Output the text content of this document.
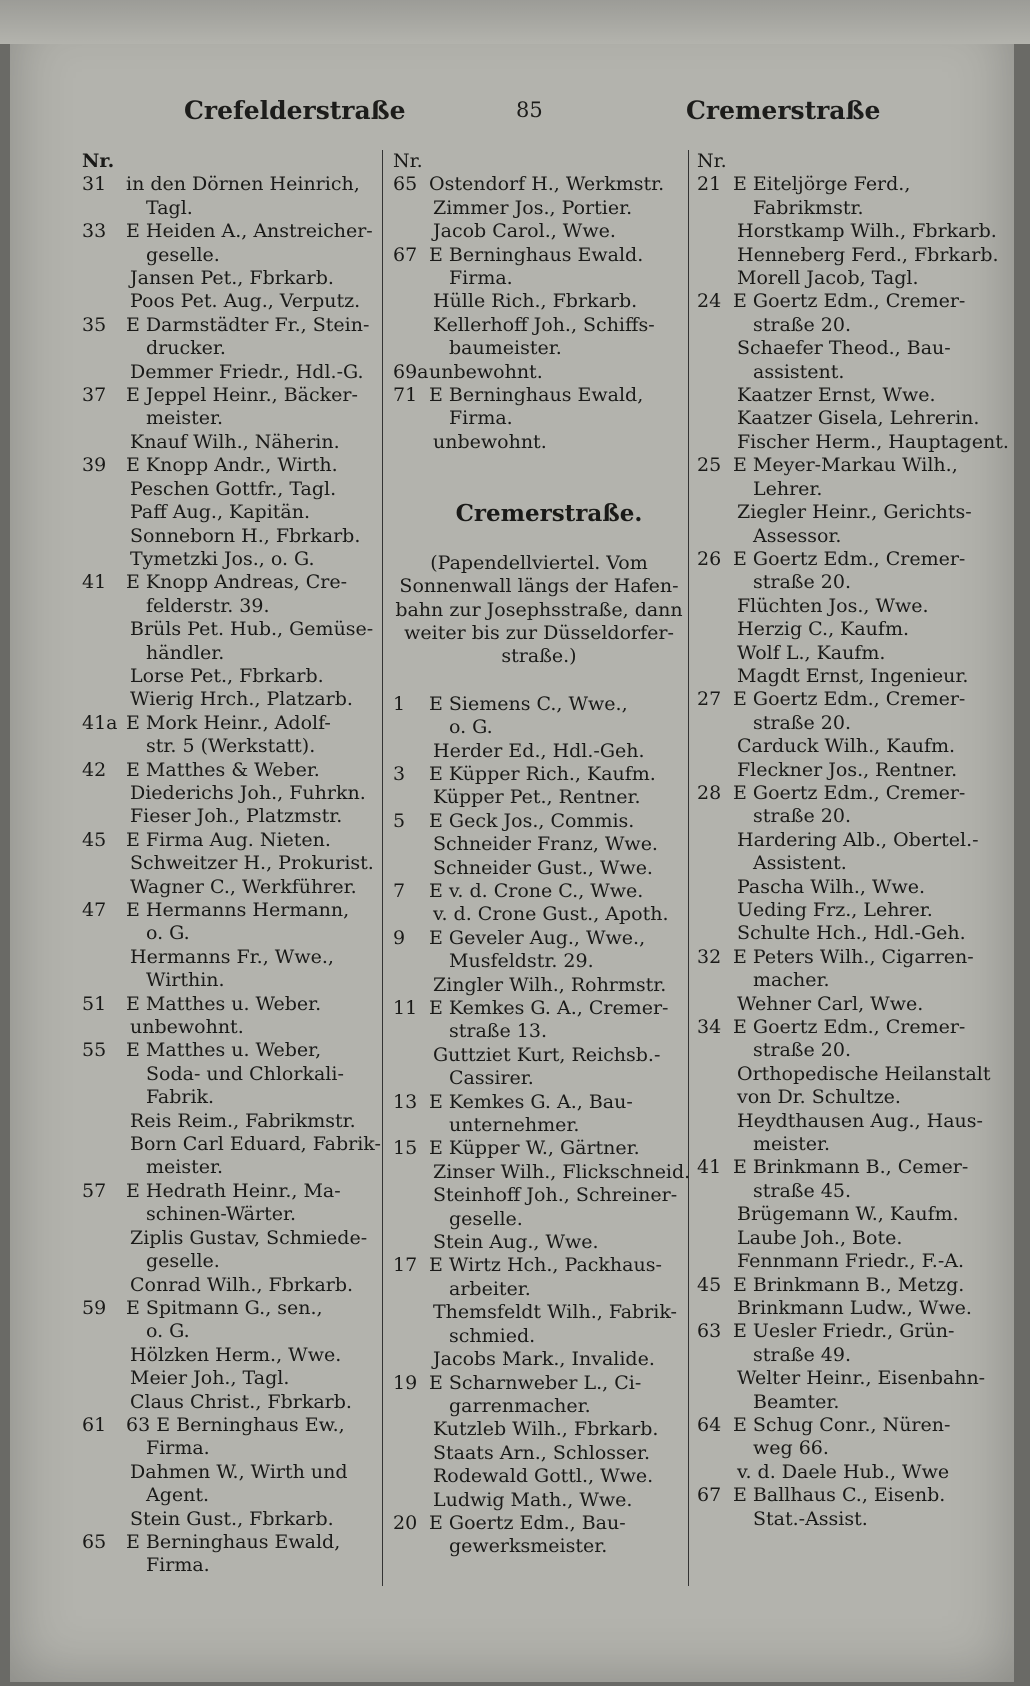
Crefelderstraße	85	Cremerstraße
Nr.
31	in den Dörnen Heinrich,
Tagl.
33	E Heiden A., Anstreicher-
geselle.
Jansen Pet., Fbrkarb.
Poos Pet. Aug., Verputz.
35	E Darmstädter Fr., Stein-
drucker.
Demmer Friedr., Hdl.-G.
37	E Jeppel Heinr., Bäcker-
meister.
Knauf Wilh., Näherin.
39	E Knopp Andr., Wirth.
Peschen Gottfr., Tagl.
Paff Aug., Kapitän.
Sonneborn H., Fbrkarb.
Tymetzki Jos., o. G.
41	E Knopp Andreas, Cre-
felderstr. 39.
Brüls Pet. Hub., Gemüse-
händler.
Lorse Pet., Fbrkarb.
Wierig Hrch., Platzarb.
41a E Mork Heinr., Adolf-
str. 5 (Werkstatt).
42	E Matthes & Weber.
Diederichs Joh., Fuhrkn.
Fieser Joh., Platzmstr.
45	E Firma Aug. Nieten.
Schweitzer H., Prokurist.
Wagner C., Werkführer.
47	E Hermanns Hermann,
o. G.
Hermanns Fr., Wwe.,
Wirthin.
51	E Matthes u. Weber.
unbewohnt.
55	E Matthes u. Weber,
Soda- und Chlorkali-
Fabrik.
Reis Reim., Fabrikmstr.
Born Carl Eduard, Fabrik-
meister.
57	E Hedrath Heinr., Ma-
schinen-Wärter.
Ziplis Gustav, Schmiede-
geselle.
Conrad Wilh., Fbrkarb.
59	E Spitmann G., sen.,
o. G.
Hölzken Herm., Wwe.
Meier Joh., Tagl.
Claus Christ., Fbrkarb.
61	63 E Berninghaus Ew.,
Firma.
Dahmen W., Wirth und
Agent.
Stein Gust., Fbrkarb.
65	E Berninghaus Ewald,
Firma.
Nr.
65 Ostendorf H., Werkmstr.
Zimmer Jos., Portier.
Jacob Carol., Wwe.
67 E Berninghaus Ewald.
Firma.
Hülle Rich., Fbrkarb.
Kellerhoff Joh., Schiffs-
baumeister.
69a unbewohnt.
71 E Berninghaus Ewald,
Firma.
unbewohnt.
Cremerstraße.
(Papendellviertel. Vom
Sonnenwall längs der Hafen-
bahn zur Josephsstraße, dann
weiter bis zur Düsseldorfer-
straße.)
1	E Siemens C., Wwe.,
o. G.
Herder Ed., Hdl.-Geh.
3	E Küpper Rich., Kaufm.
Küpper Pet., Rentner.
5	E Geck Jos., Commis.
Schneider Franz, Wwe.
Schneider Gust., Wwe.
7	E v. d. Crone C., Wwe.
v. d. Crone Gust., Apoth.
9	E Geveler Aug., Wwe.,
Musfeldstr. 29.
Zingler Wilh., Rohrmstr.
11 E Kemkes G. A., Cremer-
straße 13.
Guttziet Kurt, Reichsb.-
Cassirer.
13 E Kemkes G. A., Bau-
unternehmer.
15 E Küpper W., Gärtner.
Zinser Wilh., Flickschneid.
Steinhoff Joh., Schreiner-
geselle.
Stein Aug., Wwe.
17 E Wirtz Hch., Packhaus-
arbeiter.
Themsfeldt Wilh., Fabrik-
schmied.
Jacobs Mark., Invalide.
19 E Scharnweber L., Ci-
garrenmacher.
Kutzleb Wilh., Fbrkarb.
Staats Arn., Schlosser.
Rodewald Gottl., Wwe.
Ludwig Math., Wwe.
20 E Goertz Edm., Bau-
gewerksmeister.
Nr.
21 E Eiteljörge Ferd.,
Fabrikmstr.
Horstkamp Wilh., Fbrkarb.
Henneberg Ferd., Fbrkarb.
Morell Jacob, Tagl.
24 E Goertz Edm., Cremer-
straße 20.
Schaefer Theod., Bau-
assistent.
Kaatzer Ernst, Wwe.
Kaatzer Gisela, Lehrerin.
Fischer Herm., Hauptagent.
25 E Meyer-Markau Wilh.,
Lehrer.
Ziegler Heinr., Gerichts-
Assessor.
26 E Goertz Edm., Cremer-
straße 20.
Flüchten Jos., Wwe.
Herzig C., Kaufm.
Wolf L., Kaufm.
Magdt Ernst, Ingenieur.
27 E Goertz Edm., Cremer-
straße 20.
Carduck Wilh., Kaufm.
Fleckner Jos., Rentner.
28 E Goertz Edm., Cremer-
straße 20.
Hardering Alb., Obertel.-
Assistent.
Pascha Wilh., Wwe.
Ueding Frz., Lehrer.
Schulte Hch., Hdl.-Geh.
32 E Peters Wilh., Cigarren-
macher.
Wehner Carl, Wwe.
34 E Goertz Edm., Cremer-
straße 20.
Orthopedische Heilanstalt
von Dr. Schultze.
Heydthausen Aug., Haus-
meister.
41 E Brinkmann B., Cemer-
straße 45.
Brügemann W., Kaufm.
Laube Joh., Bote.
Fennmann Friedr., F.-A.
45 E Brinkmann B., Metzg.
Brinkmann Ludw., Wwe.
63 E Uesler Friedr., Grün-
straße 49.
Welter Heinr., Eisenbahn-
Beamter.
64 E Schug Conr., Nüren-
weg 66.
v. d. Daele Hub., Wwe
67 E Ballhaus C., Eisenb.
Stat.-Assist.
